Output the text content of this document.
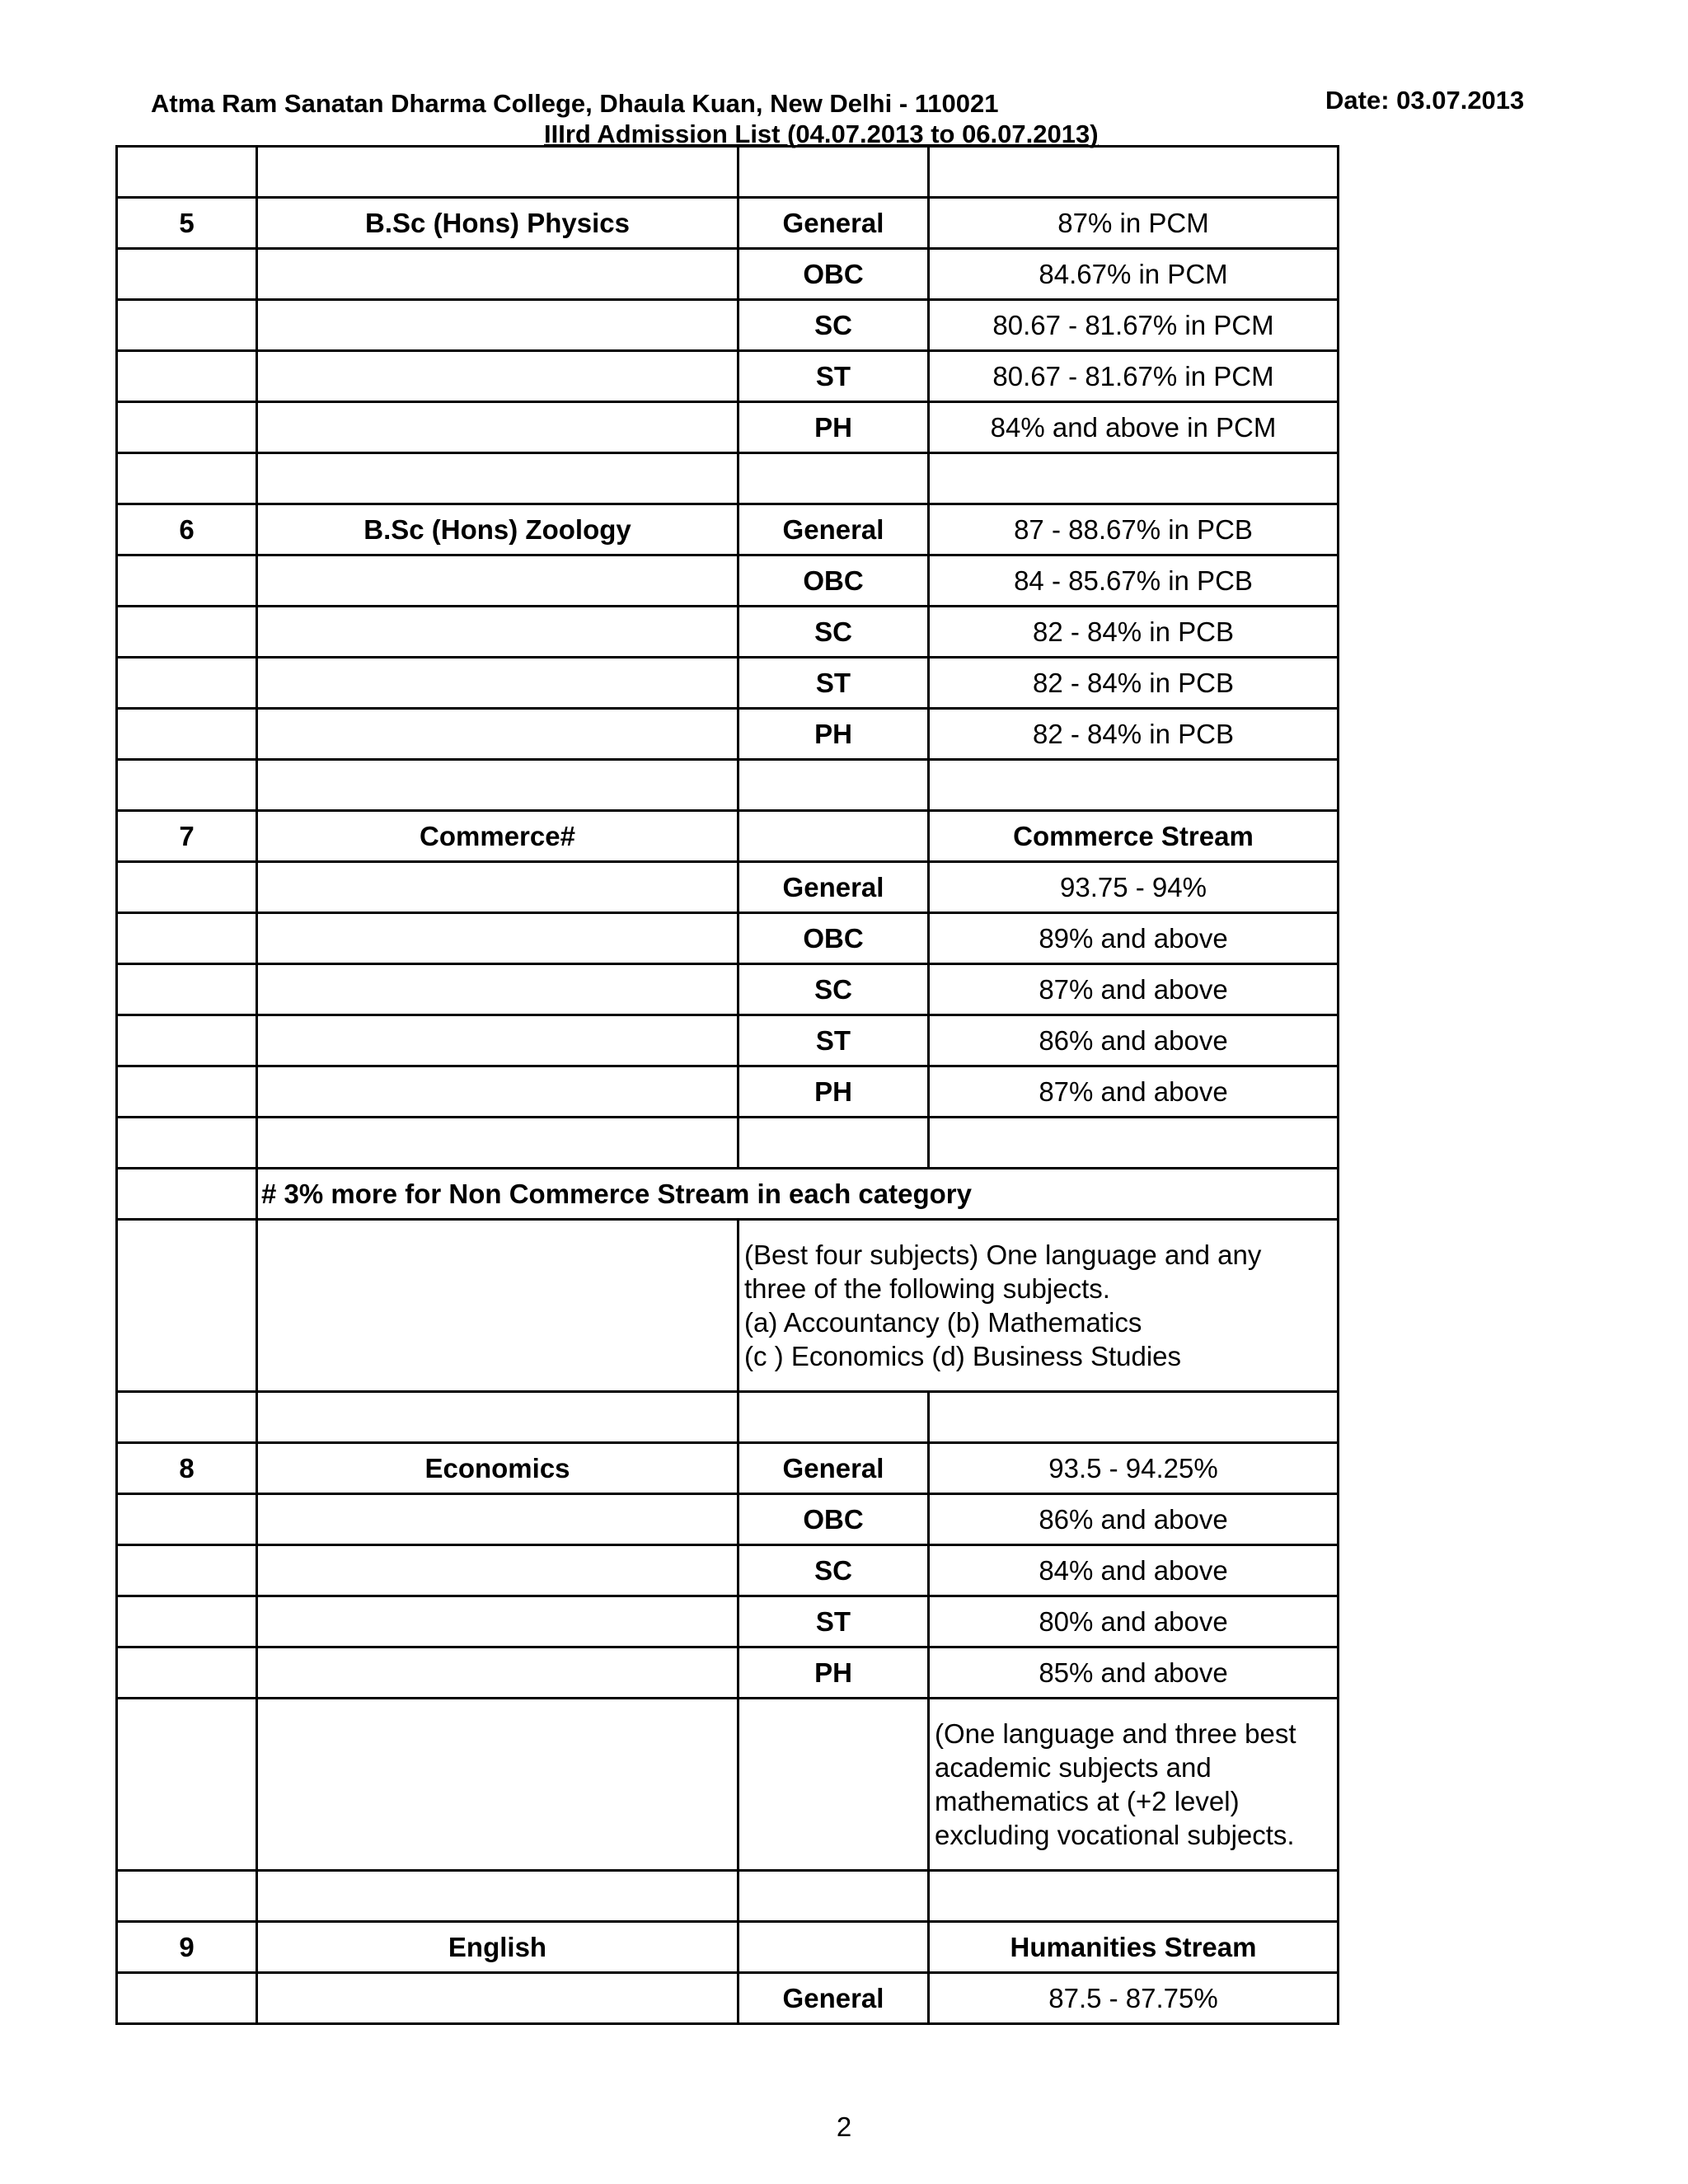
Atma Ram Sanatan Dharma College, Dhaula Kuan, New Delhi - 110021	Date: 03.07.2013
IIIrd Admission List (04.07.2013 to 06.07.2013)

5	B.Sc (Hons) Physics	General	87% in PCM
		OBC	84.67% in PCM
		SC	80.67 - 81.67% in PCM
		ST	80.67 - 81.67% in PCM
		PH	84% and above in PCM

6	B.Sc (Hons) Zoology	General	87 - 88.67% in PCB
		OBC	84 - 85.67% in PCB
		SC	82 - 84% in PCB
		ST	82 - 84% in PCB
		PH	82 - 84% in PCB

7	Commerce#		Commerce Stream
		General	93.75 - 94%
		OBC	89% and above
		SC	87% and above
		ST	86% and above
		PH	87% and above

	# 3% more for Non Commerce Stream in each category		

		(Best four subjects) One language and any
three of the following subjects.
(a) Accountancy (b) Mathematics
(c ) Economics (d) Business Studies	

8	Economics	General	93.5 - 94.25%
		OBC	86% and above
		SC	84% and above
		ST	80% and above
		PH	85% and above

			(One language and three best
academic subjects and
mathematics at (+2 level)
excluding vocational subjects.

9	English		Humanities Stream
		General	87.5 - 87.75%
2
